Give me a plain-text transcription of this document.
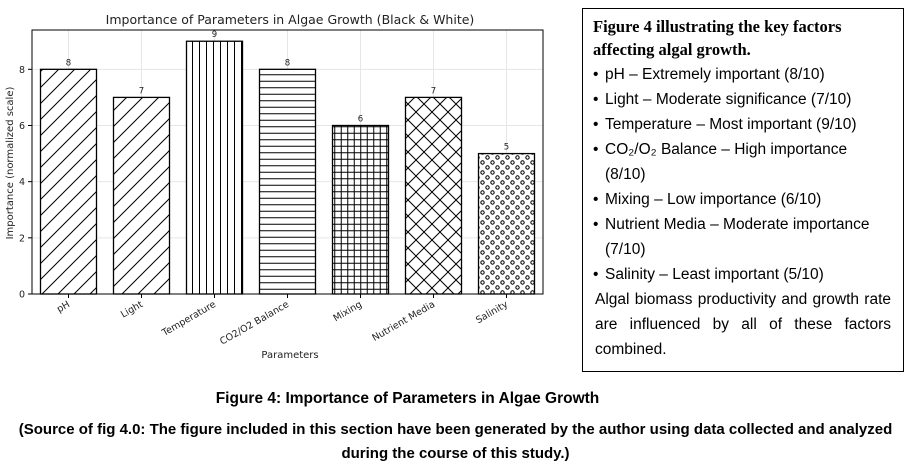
8
7
9
8
6
7
5
0
2
4
6
8
pH	Light Temperature CO2/O2 Balance	Mixing Nutrient Media	Salinity
Importance of Parameters in Algae Growth (Black & White)
Importance (normalized scale)
Parameters
Figure 4 illustrating the key factors affecting algal growth.
• pH – Extremely important (8/10)
• Light – Moderate significance (7/10)
• Temperature – Most important (9/10)
• CO₂/O₂ Balance – High importance (8/10)
• Mixing – Low importance (6/10)
• Nutrient Media – Moderate importance (7/10)
• Salinity – Least important (5/10)

Algal biomass productivity and growth rate are influenced by all of these factors combined.

Figure 4: Importance of Parameters in Algae Growth
(Source of fig 4.0: The figure included in this section have been generated by the author using data collected and analyzed during the course of this study.)
